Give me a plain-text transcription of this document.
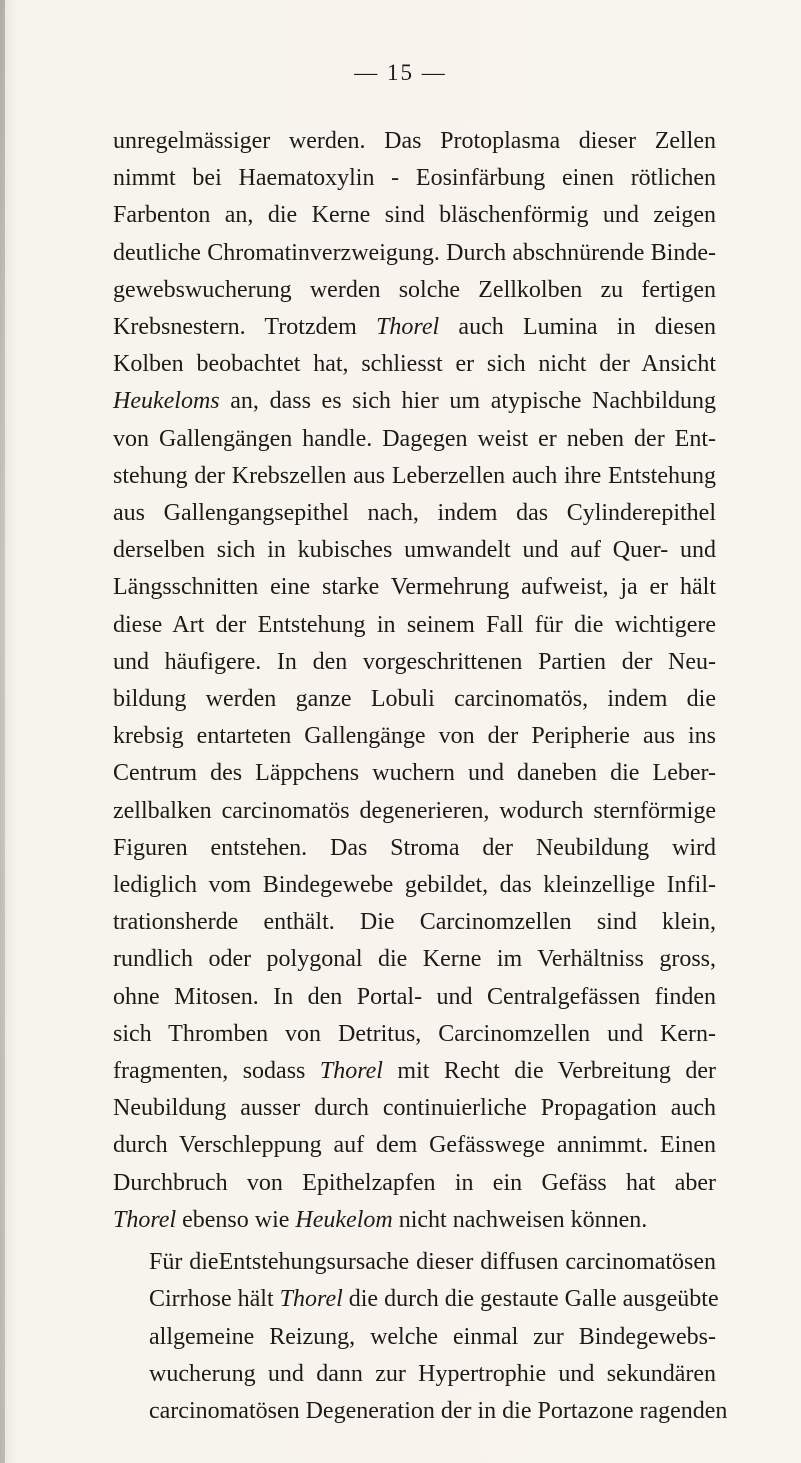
— 15 —
unregelmässiger werden. Das Protoplasma dieser Zellen
nimmt bei Haematoxylin - Eosinfärbung einen rötlichen
Farbenton an, die Kerne sind bläschenförmig und zeigen
deutliche Chromatinverzweigung. Durch abschnürende Binde-
gewebswucherung werden solche Zellkolben zu fertigen
Krebsnestern. Trotzdem Thorel auch Lumina in diesen
Kolben beobachtet hat, schliesst er sich nicht der Ansicht
Heukeloms an, dass es sich hier um atypische Nachbildung
von Gallengängen handle. Dagegen weist er neben der Ent-
stehung der Krebszellen aus Leberzellen auch ihre Entstehung
aus Gallengangsepithel nach, indem das Cylinderepithel
derselben sich in kubisches umwandelt und auf Quer- und
Längsschnitten eine starke Vermehrung aufweist, ja er hält
diese Art der Entstehung in seinem Fall für die wichtigere
und häufigere. In den vorgeschrittenen Partien der Neu-
bildung werden ganze Lobuli carcinomatös, indem die
krebsig entarteten Gallengänge von der Peripherie aus ins
Centrum des Läppchens wuchern und daneben die Leber-
zellbalken carcinomatös degenerieren, wodurch sternförmige
Figuren entstehen. Das Stroma der Neubildung wird
lediglich vom Bindegewebe gebildet, das kleinzellige Infil-
trationsherde enthält. Die Carcinomzellen sind klein,
rundlich oder polygonal die Kerne im Verhältniss gross,
ohne Mitosen. In den Portal- und Centralgefässen finden
sich Thromben von Detritus, Carcinomzellen und Kern-
fragmenten, sodass Thorel mit Recht die Verbreitung der
Neubildung ausser durch continuierliche Propagation auch
durch Verschleppung auf dem Gefässwege annimmt. Einen
Durchbruch von Epithelzapfen in ein Gefäss hat aber
Thorel ebenso wie Heukelom nicht nachweisen können.
Für dieEntstehungsursache dieser diffusen carcinomatösen
Cirrhose hält Thorel die durch die gestaute Galle ausgeübte
allgemeine Reizung, welche einmal zur Bindegewebs-
wucherung und dann zur Hypertrophie und sekundären
carcinomatösen Degeneration der in die Portazone ragenden
